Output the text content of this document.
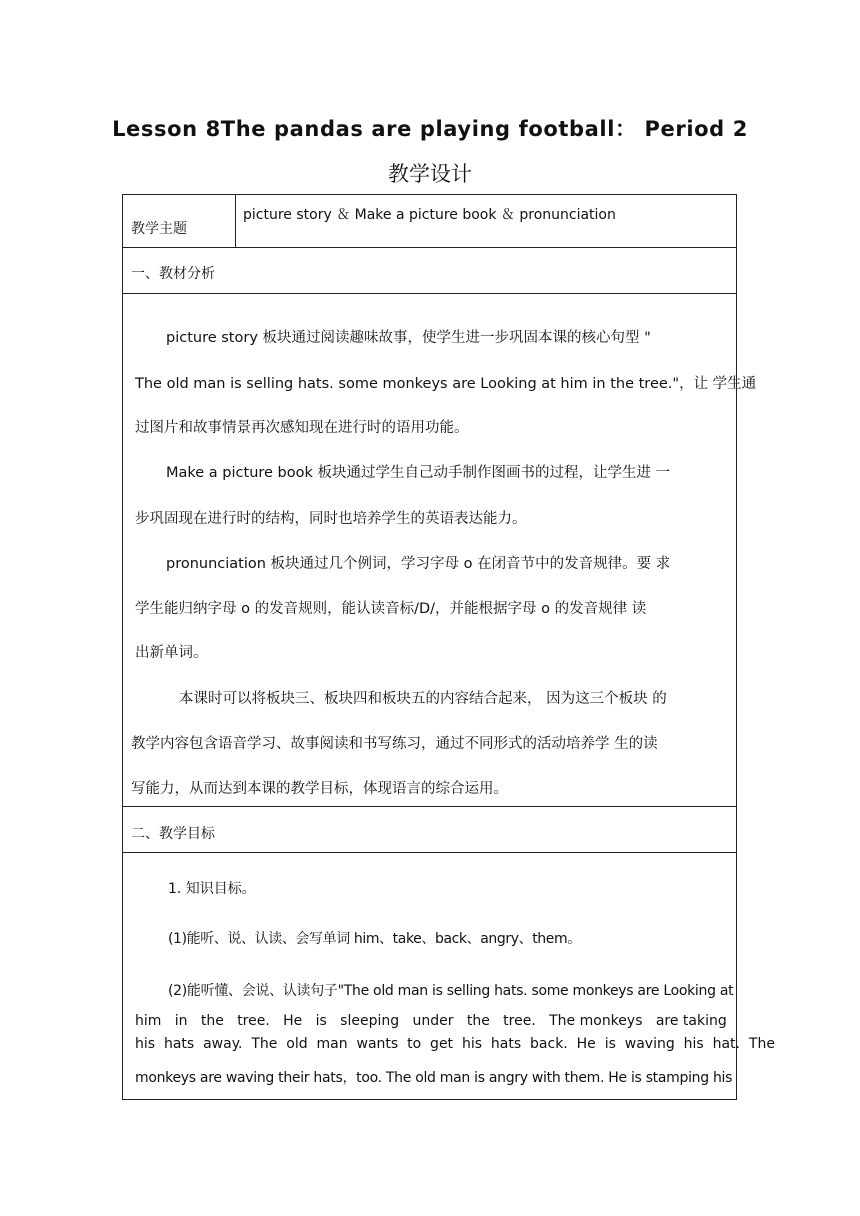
Lesson 8The pandas are playing football： Period 2
教学设计
教学主题
picture story ＆ Make a picture book ＆ pronunciation
一、教材分析
picture story 板块通过阅读趣味故事，使学生进一步巩固本课的核心句型 "
The old man is selling hats. some monkeys are Looking at him in the tree."，让 学生通
过图片和故事情景再次感知现在进行时的语用功能。
Make a picture book 板块通过学生自己动手制作图画书的过程，让学生进 一
步巩固现在进行时的结构，同时也培养学生的英语表达能力。
pronunciation 板块通过几个例词，学习字母 o 在闭音节中的发音规律。要 求
学生能归纳字母 o 的发音规则，能认读音标/D/，并能根据字母 o 的发音规律 读
出新单词。
本课时可以将板块三、板块四和板块五的内容结合起来， 因为这三个板块 的
教学内容包含语音学习、故事阅读和书写练习，通过不同形式的活动培养学 生的读
写能力，从而达到本课的教学目标，体现语言的综合运用。
二、教学目标
1. 知识目标。
(1)能听、说、认读、会写单词 him、take、back、angry、them。
(2)能听懂、会说、认读句子"The old man is selling hats. some monkeys are Looking at
him   in   the   tree.   He   is   sleeping   under   the   tree.   The monkeys   are taking
his  hats  away.  The  old  man  wants  to  get  his  hats  back.  He  is  waving  his  hat.  The
monkeys are waving their hats，too. The old man is angry with them. He is stamping his
